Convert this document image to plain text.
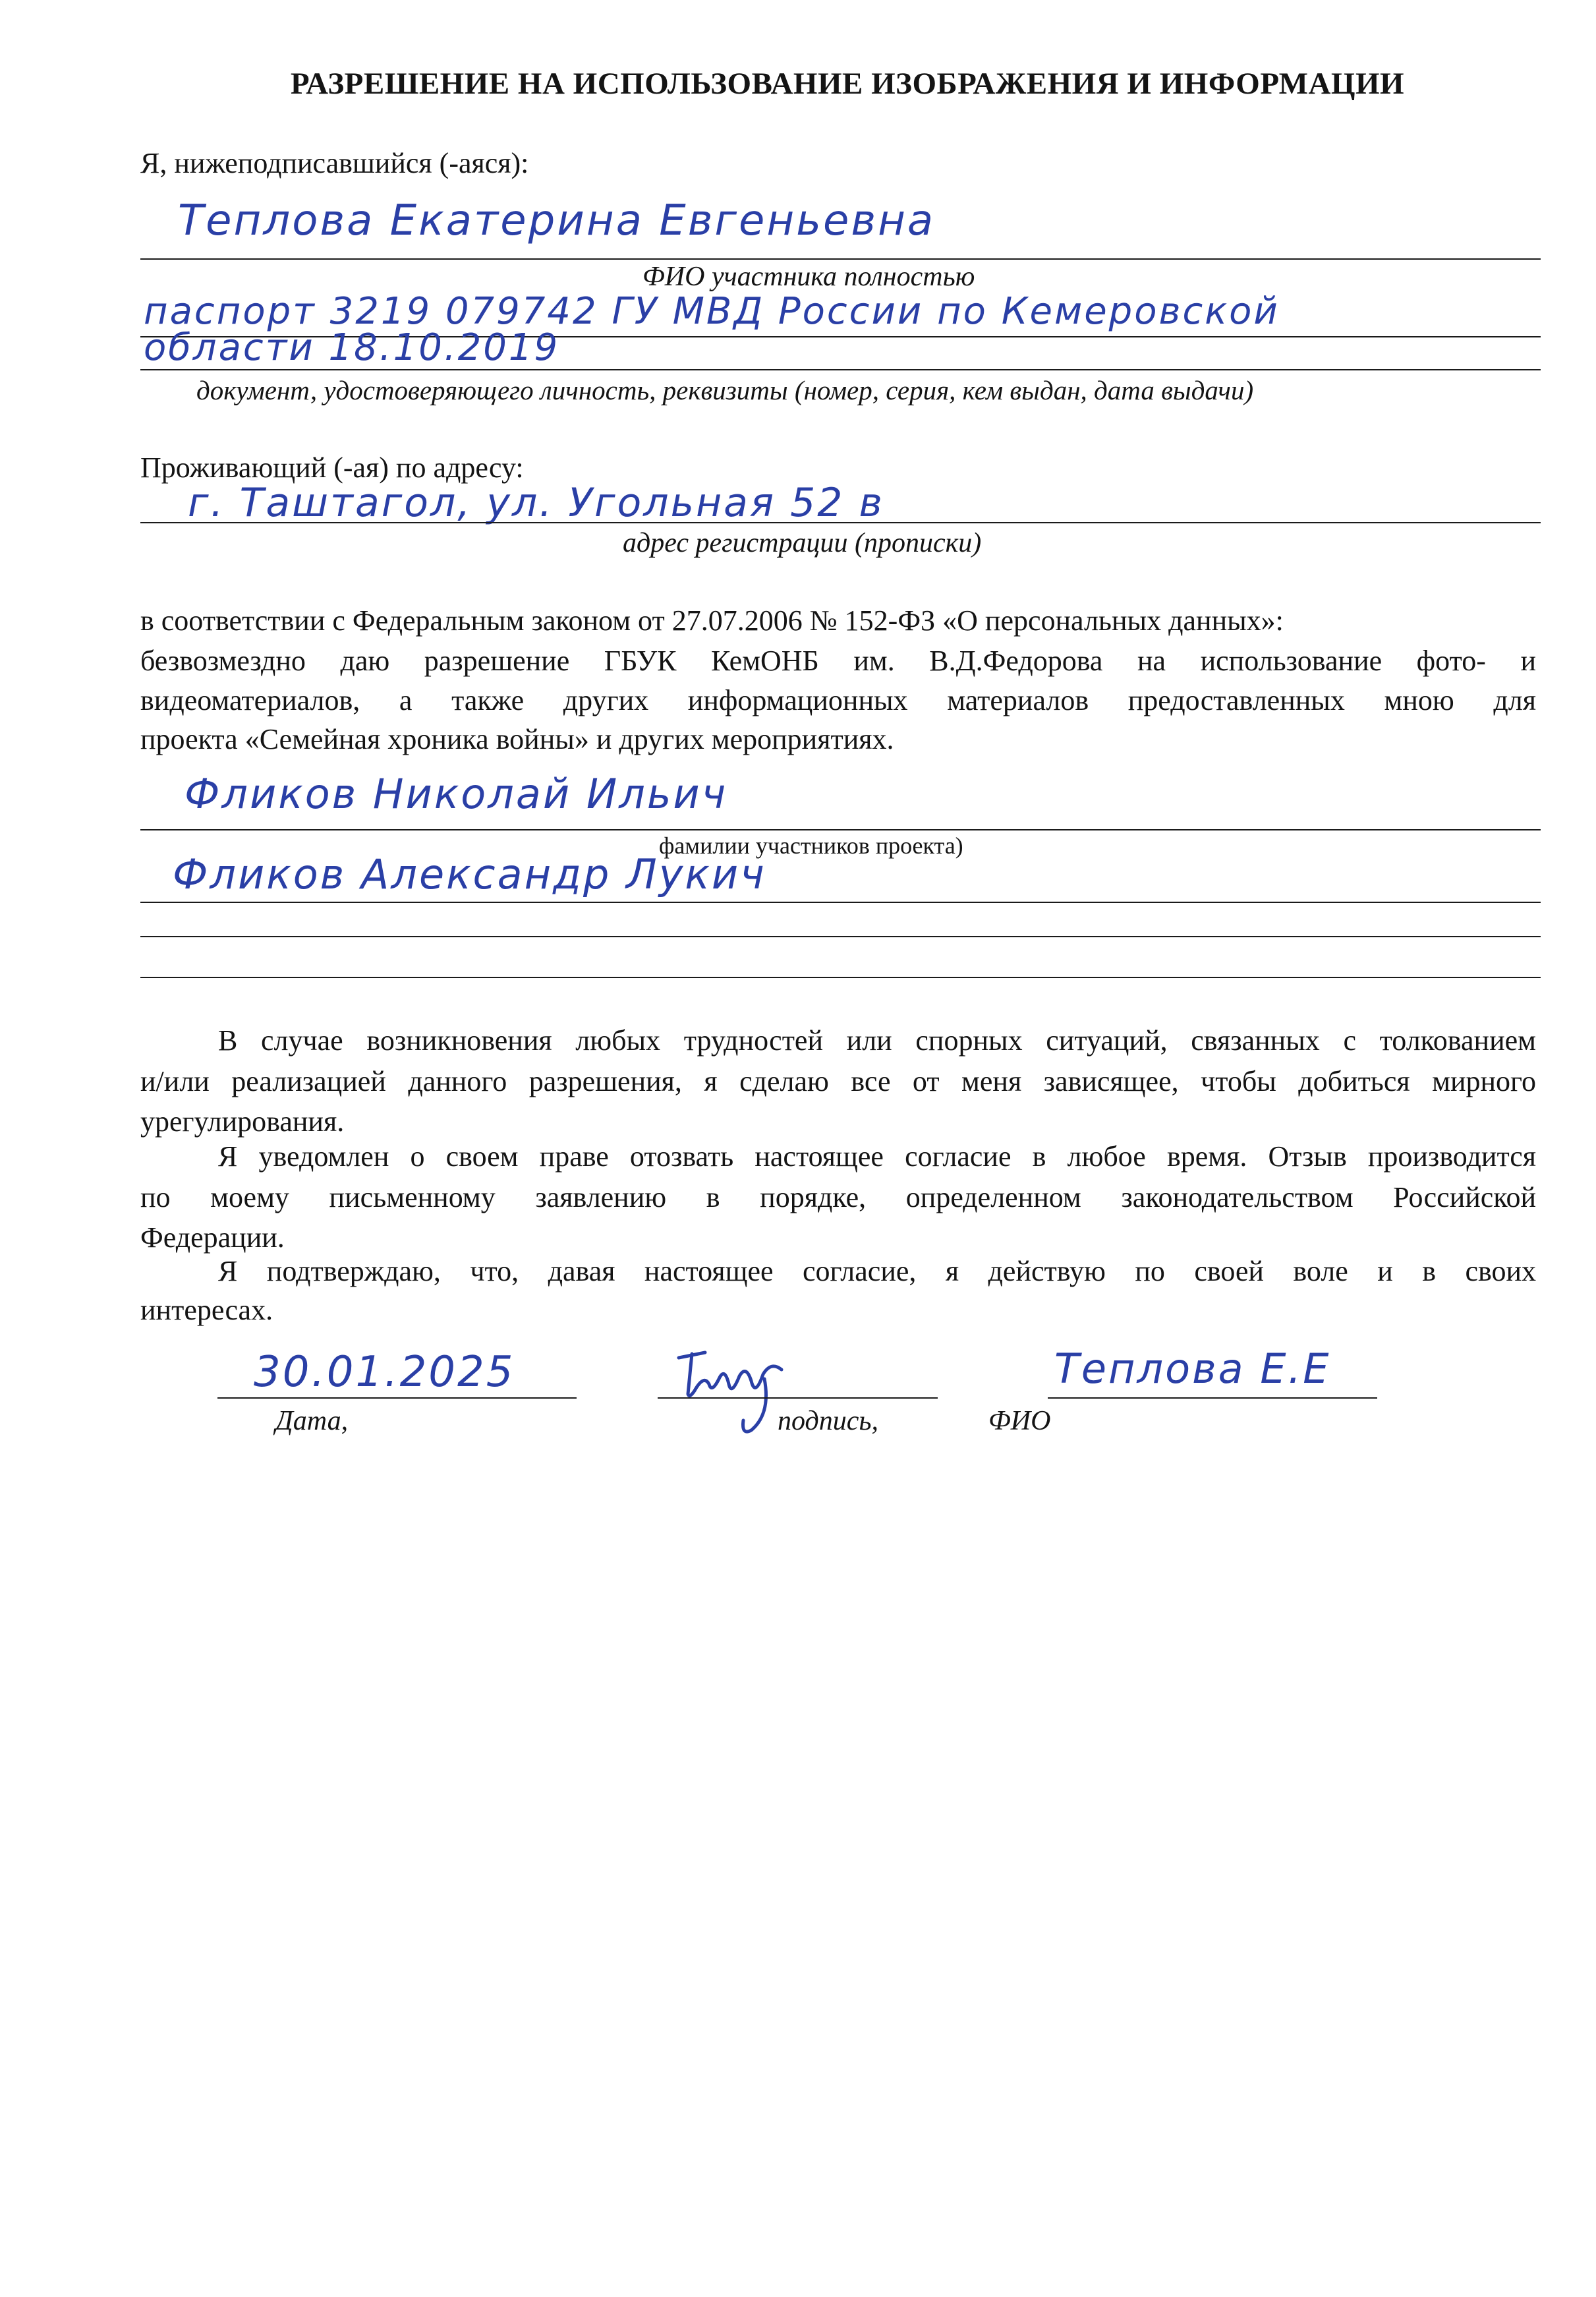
РАЗРЕШЕНИЕ НА ИСПОЛЬЗОВАНИЕ ИЗОБРАЖЕНИЯ И ИНФОРМАЦИИ
Я, нижеподписавшийся (-аяся):
Теплова Екатерина Евгеньевна
ФИО участника полностью
паспорт 3219 079742 ГУ МВД России по Кемеровской
области 18.10.2019
документ, удостоверяющего личность, реквизиты (номер, серия, кем выдан, дата выдачи)
Проживающий (-ая) по адресу:
г. Таштагол, ул. Угольная 52 в
адрес регистрации (прописки)
в соответствии с Федеральным законом от 27.07.2006 № 152-ФЗ «О персональных данных»:
безвозмездно даю разрешение ГБУК КемОНБ им. В.Д.Федорова на использование фото- и
видеоматериалов, а также других информационных материалов предоставленных мною для
проекта «Семейная хроника войны» и других мероприятиях.
Фликов Николай Ильич
фамилии участников проекта)
Фликов Александр Лукич
В случае возникновения любых трудностей или спорных ситуаций, связанных с толкованием
и/или реализацией данного разрешения, я сделаю все от меня зависящее, чтобы добиться мирного
урегулирования.
Я уведомлен о своем праве отозвать настоящее согласие в любое время. Отзыв производится
по моему письменному заявлению в порядке, определенном законодательством Российской
Федерации.
Я подтверждаю, что, давая настоящее согласие, я действую по своей воле и в своих
интересах.
30.01.2025
Дата,	подпись,
Теплова Е.Е
ФИО
